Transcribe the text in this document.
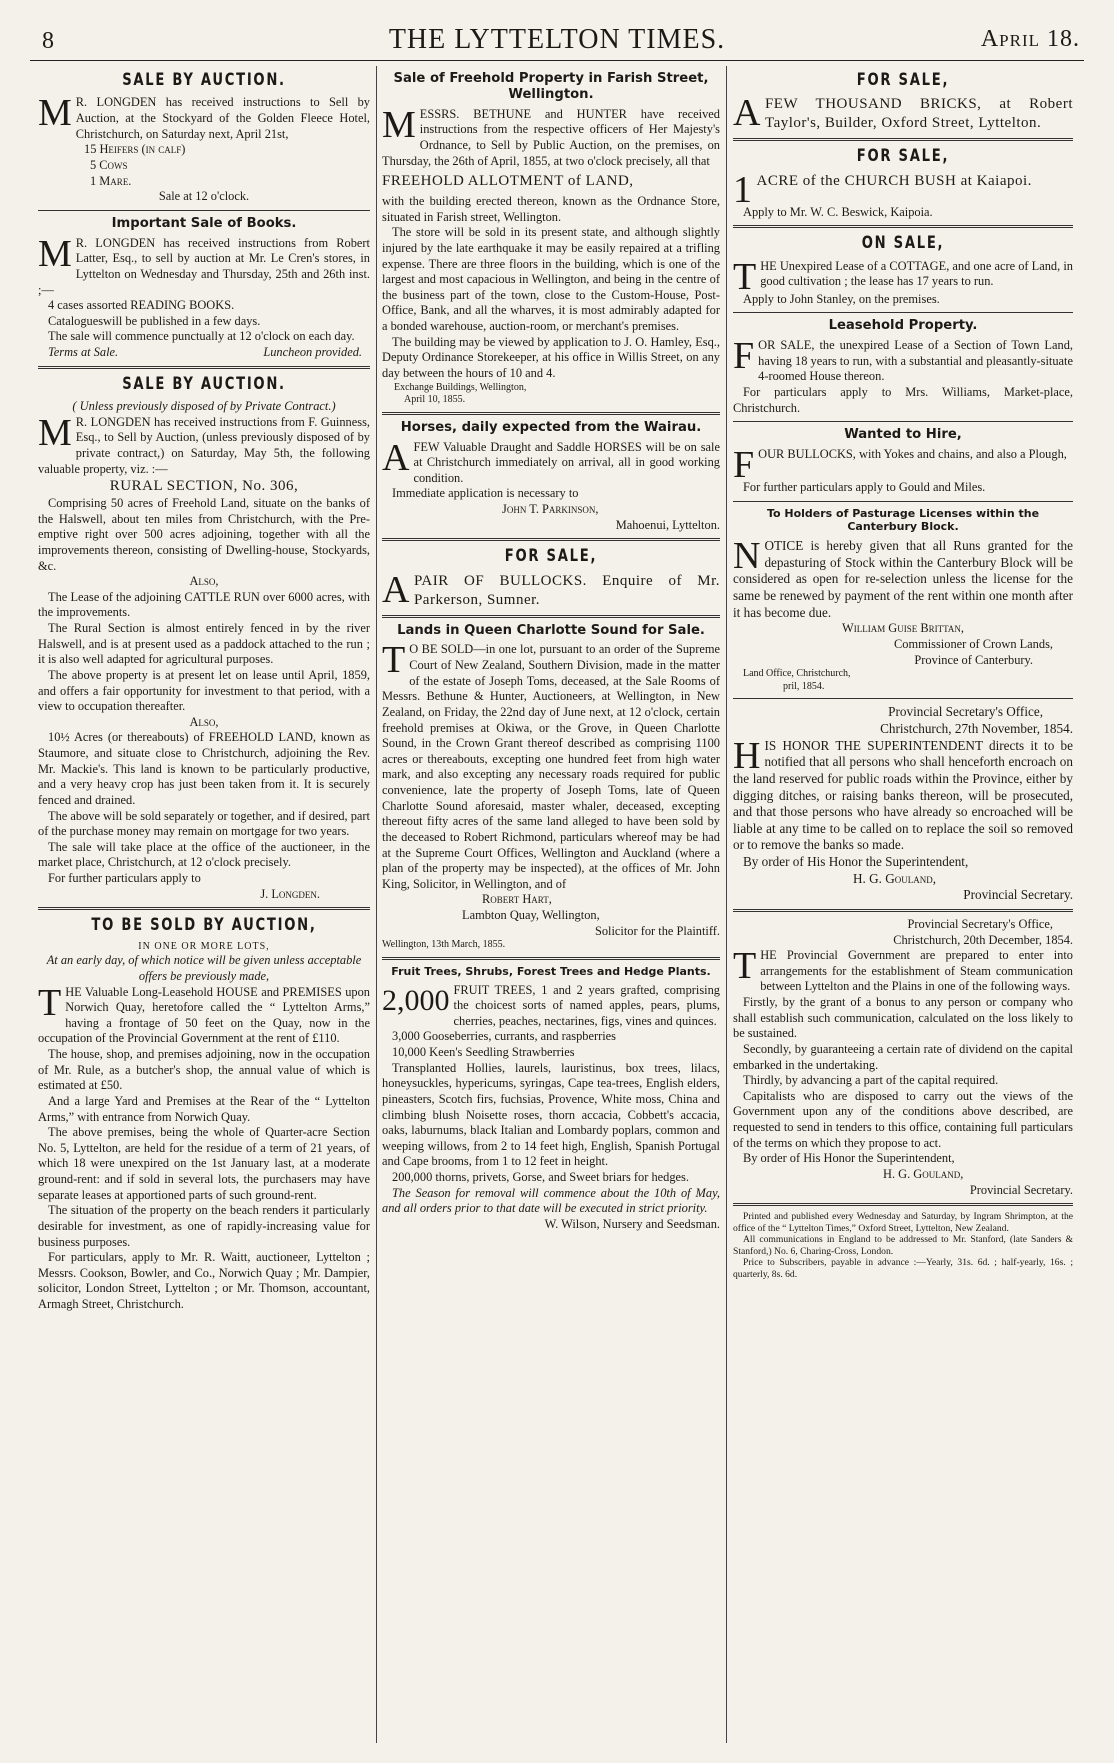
8	THE LYTTELTON TIMES.	April 18.
SALE BY AUCTION.

M R. LONGDEN has received instructions to Sell by Auction, at the Stockyard of the Golden Fleece Hotel, Christchurch, on Saturday next, April 21st,

15 Heifers (in calf)
5 Cows
1 Mare.
Sale at 12 o'clock.
Important Sale of Books.

M R. LONGDEN has received instructions from Robert Latter, Esq., to sell by auction at Mr. Le Cren's stores, in Lyttelton on Wednesday and Thursday, 25th and 26th inst. ;—

4 cases assorted READING BOOKS.

Catalogueswill be published in a few days.

The sale will commence punctually at 12 o'clock on each day.

Terms at Sale.	Luncheon provided.
SALE BY AUCTION.
( Unless previously disposed of by Private Contract.)

M R. LONGDEN has received instructions from F. Guinness, Esq., to Sell by Auction, (unless previously disposed of by private contract,) on Saturday, May 5th, the following valuable property, viz. :—

RURAL SECTION, No. 306,

Comprising 50 acres of Freehold Land, situate on the banks of the Halswell, about ten miles from Christchurch, with the Pre-emptive right over 500 acres adjoining, together with all the improvements thereon, consisting of Dwelling-house, Stockyards, &c.

Also,

The Lease of the adjoining CATTLE RUN over 6000 acres, with the improvements.

The Rural Section is almost entirely fenced in by the river Halswell, and is at present used as a paddock attached to the run ; it is also well adapted for agricultural purposes.

The above property is at present let on lease until April, 1859, and offers a fair opportunity for investment to that period, with a view to occupation thereafter.

Also,

10½ Acres (or thereabouts) of FREEHOLD LAND, known as Staumore, and situate close to Christchurch, adjoining the Rev. Mr. Mackie's. This land is known to be particularly productive, and a very heavy crop has just been taken from it. It is securely fenced and drained.

The above will be sold separately or together, and if desired, part of the purchase money may remain on mortgage for two years.

The sale will take place at the office of the auctioneer, in the market place, Christchurch, at 12 o'clock precisely.

For further particulars apply to

J. Longden.
TO BE SOLD BY AUCTION,
IN ONE OR MORE LOTS,
At an early day, of which notice will be given unless acceptable offers be previously made,

THE Valuable Long-Leasehold HOUSE and PREMISES upon Norwich Quay, heretofore called the “ Lyttelton Arms,” having a frontage of 50 feet on the Quay, now in the occupation of the Provincial Government at the rent of £110.

The house, shop, and premises adjoining, now in the occupation of Mr. Rule, as a butcher's shop, the annual value of which is estimated at £50.

And a large Yard and Premises at the Rear of the “ Lyttelton Arms,” with entrance from Norwich Quay.

The above premises, being the whole of Quarter-acre Section No. 5, Lyttelton, are held for the residue of a term of 21 years, of which 18 were unexpired on the 1st January last, at a moderate ground-rent: and if sold in several lots, the purchasers may have separate leases at apportioned parts of such ground-rent.

The situation of the property on the beach renders it particularly desirable for investment, as one of rapidly-increasing value for business purposes.

For particulars, apply to Mr. R. Waitt, auctioneer, Lyttelton ; Messrs. Cookson, Bowler, and Co., Norwich Quay ; Mr. Dampier, solicitor, London Street, Lyttelton ; or Mr. Thomson, accountant, Armagh Street, Christchurch.

Sale of Freehold Property in Farish Street, Wellington.

MESSRS. BETHUNE and HUNTER have received instructions from the respective officers of Her Majesty's Ordnance, to Sell by Public Auction, on the premises, on Thursday, the 26th of April, 1855, at two o'clock precisely, all that

FREEHOLD ALLOTMENT of LAND,

with the building erected thereon, known as the Ordnance Store, situated in Farish street, Wellington.

The store will be sold in its present state, and although slightly injured by the late earthquake it may be easily repaired at a trifling expense. There are three floors in the building, which is one of the largest and most capacious in Wellington, and being in the centre of the business part of the town, close to the Custom-House, Post-Office, Bank, and all the wharves, it is most admirably adapted for a bonded warehouse, auction-room, or merchant's premises.

The building may be viewed by application to J. O. Hamley, Esq., Deputy Ordinance Storekeeper, at his office in Willis Street, on any day between the hours of 10 and 4.

Exchange Buildings, Wellington,
April 10, 1855.
Horses, daily expected from the Wairau.

AFEW Valuable Draught and Saddle HORSES will be on sale at Christchurch immediately on arrival, all in good working condition.

Immediate application is necessary to

John T. Parkinson,
Mahoenui, Lyttelton.
FOR SALE,

APAIR OF BULLOCKS. Enquire of Mr. Parkerson, Sumner.

Lands in Queen Charlotte Sound for Sale.

T O BE SOLD—in one lot, pursuant to an order of the Supreme Court of New Zealand, Southern Division, made in the matter of the estate of Joseph Toms, deceased, at the Sale Rooms of Messrs. Bethune & Hunter, Auctioneers, at Wellington, in New Zealand, on Friday, the 22nd day of June next, at 12 o'clock, certain freehold premises at Okiwa, or the Grove, in Queen Charlotte Sound, in the Crown Grant thereof described as comprising 1100 acres or thereabouts, excepting one hundred feet from high water mark, and also excepting any necessary roads required for public convenience, late the property of Joseph Toms, late of Queen Charlotte Sound aforesaid, master whaler, deceased, excepting thereout fifty acres of the same land alleged to have been sold by the deceased to Robert Richmond, particulars whereof may be had at the Supreme Court Offices, Wellington and Auckland (where a plan of the property may be inspected), at the offices of Mr. John King, Solicitor, in Wellington, and of

Robert Hart,
Lambton Quay, Wellington,
Solicitor for the Plaintiff.
Wellington, 13th March, 1855.
Fruit Trees, Shrubs, Forest Trees and Hedge Plants.

2,000 FRUIT TREES, 1 and 2 years grafted, comprising the choicest sorts of named apples, pears, plums, cherries, peaches, nectarines, figs, vines and quinces.

3,000 Gooseberries, currants, and raspberries

10,000 Keen's Seedling Strawberries

Transplanted Hollies, laurels, lauristinus, box trees, lilacs, honeysuckles, hypericums, syringas, Cape tea-trees, English elders, pineasters, Scotch firs, fuchsias, Provence, White moss, China and climbing blush Noisette roses, thorn accacia, Cobbett's accacia, oaks, laburnums, black Italian and Lombardy poplars, common and weeping willows, from 2 to 14 feet high, English, Spanish Portugal and Cape brooms, from 1 to 12 feet in height.

200,000 thorns, privets, Gorse, and Sweet briars for hedges.

The Season for removal will commence about the 10th of May, and all orders prior to that date will be executed in strict priority.

W. Wilson, Nursery and Seedsman.
FOR SALE,

AFEW THOUSAND BRICKS, at Robert Taylor's, Builder, Oxford Street, Lyttelton.

FOR SALE,

1 ACRE of the CHURCH BUSH at Kaiapoi.

Apply to Mr. W. C. Beswick, Kaipoia.

ON SALE,

THE Unexpired Lease of a COTTAGE, and one acre of Land, in good cultivation ; the lease has 17 years to run.

Apply to John Stanley, on the premises.

Leasehold Property.

FOR SALE, the unexpired Lease of a Section of Town Land, having 18 years to run, with a substantial and pleasantly-situate 4-roomed House thereon.

For particulars apply to Mrs. Williams, Market-place, Christchurch.

Wanted to Hire,

FOUR BULLOCKS, with Yokes and chains, and also a Plough,

For further particulars apply to Gould and Miles.

To Holders of Pasturage Licenses within the Canterbury Block.

NOTICE is hereby given that all Runs granted for the depasturing of Stock within the Canterbury Block will be considered as open for re-selection unless the license for the same be renewed by payment of the rent within one month after it has become due.

William Guise Brittan,
Commissioner of Crown Lands,
Province of Canterbury.
Land Office, Christchurch,
pril, 1854.
Provincial Secretary's Office,
Christchurch, 27th November, 1854.

HIS HONOR THE SUPERINTENDENT directs it to be notified that all persons who shall henceforth encroach on the land reserved for public roads within the Province, either by digging ditches, or raising banks thereon, will be prosecuted, and that those persons who have already so encroached will be liable at any time to be called on to replace the soil so removed or to remove the banks so made.

By order of His Honor the Superintendent,

H. G. Gouland,
Provincial Secretary.
Provincial Secretary's Office,
Christchurch, 20th December, 1854.

THE Provincial Government are prepared to enter into arrangements for the establishment of Steam communication between Lyttelton and the Plains in one of the following ways.

Firstly, by the grant of a bonus to any person or company who shall establish such communication, calculated on the loss likely to be sustained.

Secondly, by guaranteeing a certain rate of dividend on the capital embarked in the undertaking.

Thirdly, by advancing a part of the capital required.

Capitalists who are disposed to carry out the views of the Government upon any of the conditions above described, are requested to send in tenders to this office, containing full particulars of the terms on which they propose to act.

By order of His Honor the Superintendent,

H. G. Gouland,
Provincial Secretary.

Printed and published every Wednesday and Saturday, by Ingram Shrimpton, at the office of the “ Lyttelton Times,” Oxford Street, Lyttelton, New Zealand.

All communications in England to be addressed to Mr. Stanford, (late Sanders & Stanford,) No. 6, Charing-Cross, London.

Price to Subscribers, payable in advance :—Yearly, 31s. 6d. ; half-yearly, 16s. ; quarterly, 8s. 6d.
